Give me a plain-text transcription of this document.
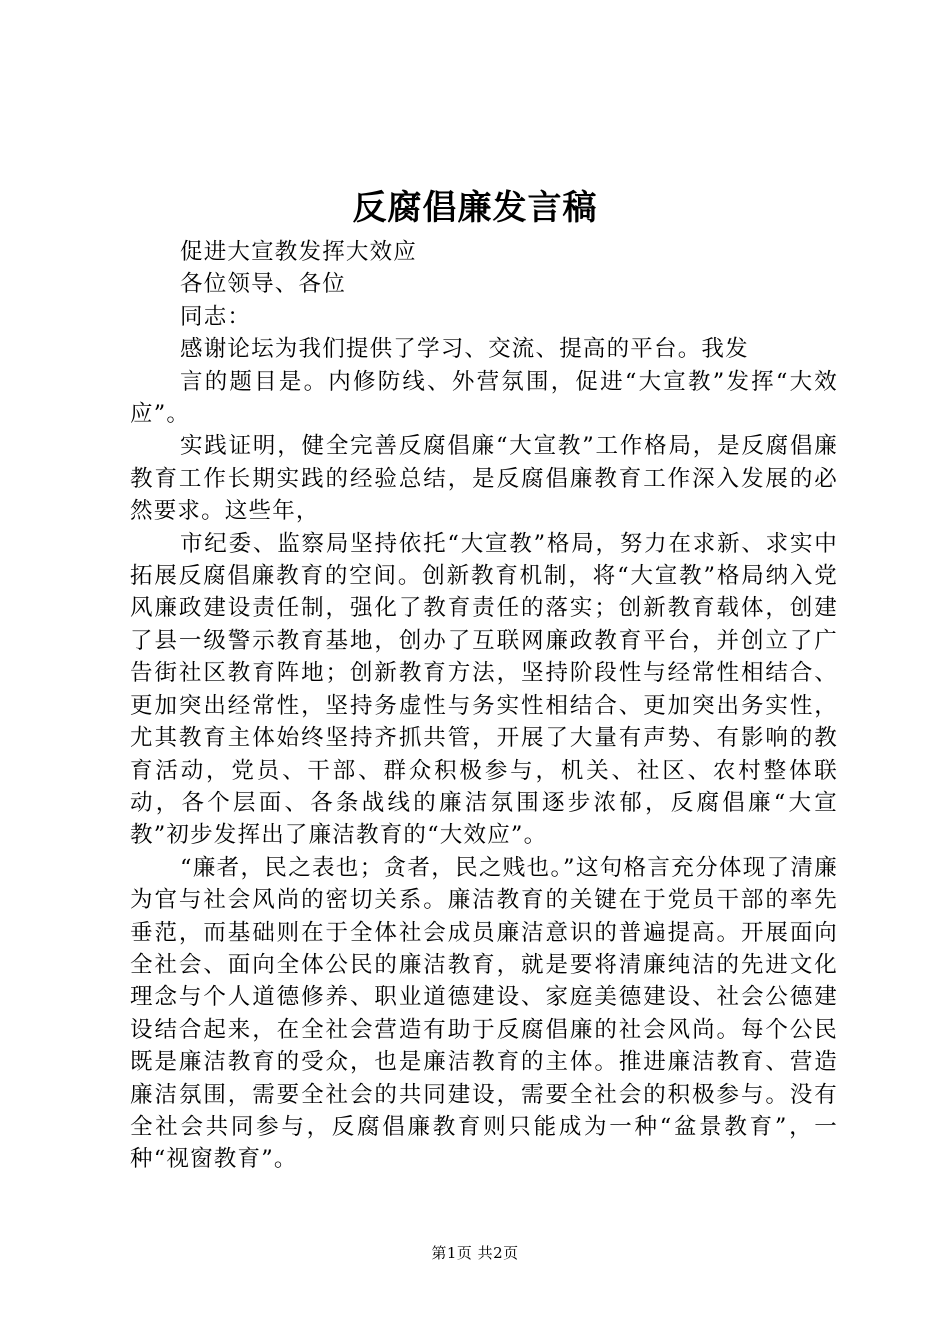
反腐倡廉发言稿

促进大宣教发挥大效应

各位领导、各位

同志：

感谢论坛为我们提供了学习、交流、提高的平台。我发

言的题目是。内修防线、外营氛围，促进“大宣教”发挥“大效应”。

实践证明，健全完善反腐倡廉“大宣教”工作格局，是反腐倡廉教育工作长期实践的经验总结，是反腐倡廉教育工作深入发展的必然要求。这些年，

市纪委、监察局坚持依托“大宣教”格局，努力在求新、求实中拓展反腐倡廉教育的空间。创新教育机制，将“大宣教”格局纳入党风廉政建设责任制，强化了教育责任的落实；创新教育载体，创建了县一级警示教育基地，创办了互联网廉政教育平台，并创立了广告街社区教育阵地；创新教育方法，坚持阶段性与经常性相结合、更加突出经常性，坚持务虚性与务实性相结合、更加突出务实性，尤其教育主体始终坚持齐抓共管，开展了大量有声势、有影响的教育活动，党员、干部、群众积极参与，机关、社区、农村整体联动，各个层面、各条战线的廉洁氛围逐步浓郁，反腐倡廉“大宣教”初步发挥出了廉洁教育的“大效应”。

“廉者，民之表也；贪者，民之贱也。”这句格言充分体现了清廉为官与社会风尚的密切关系。廉洁教育的关键在于党员干部的率先垂范，而基础则在于全体社会成员廉洁意识的普遍提高。开展面向全社会、面向全体公民的廉洁教育，就是要将清廉纯洁的先进文化理念与个人道德修养、职业道德建设、家庭美德建设、社会公德建设结合起来，在全社会营造有助于反腐倡廉的社会风尚。每个公民既是廉洁教育的受众，也是廉洁教育的主体。推进廉洁教育、营造廉洁氛围，需要全社会的共同建设，需要全社会的积极参与。没有全社会共同参与，反腐倡廉教育则只能成为一种“盆景教育”，一种“视窗教育”。

第1页 共2页
